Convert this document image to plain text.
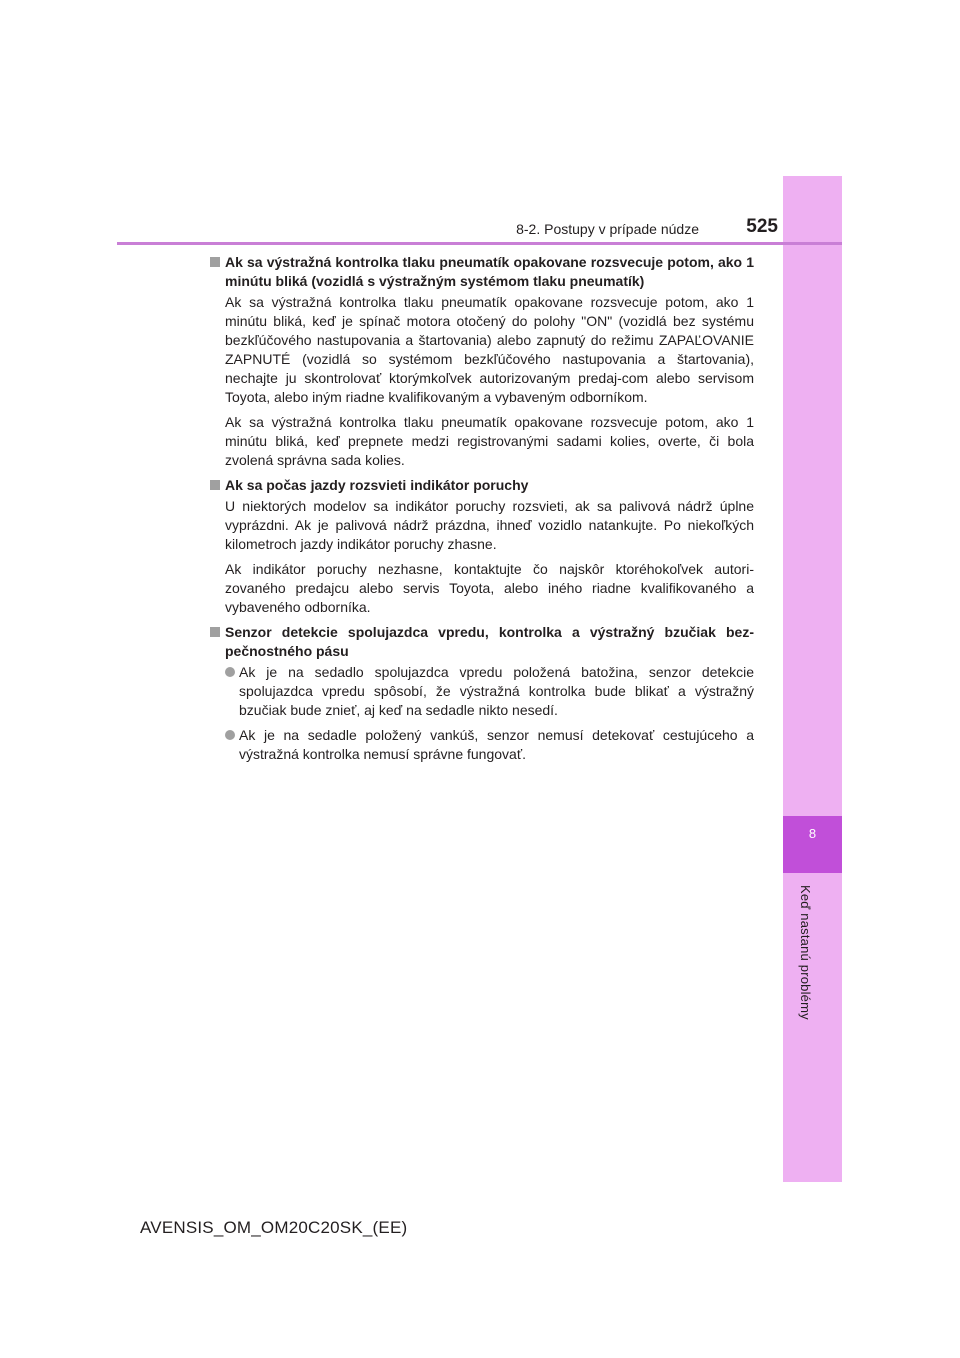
8
Keď nastanú problémy
8-2. Postupy v prípade núdze	525
Ak sa výstražná kontrolka tlaku pneumatík opakovane rozsvecuje potom, ako 1 minútu bliká (vozidlá s výstražným systémom tlaku pneumatík)
Ak sa výstražná kontrolka tlaku pneumatík opakovane rozsvecuje potom, ako 1 minútu bliká, keď je spínač motora otočený do polohy "ON" (vozidlá bez systému bezkľúčového nastupovania a štartovania) alebo zapnutý do režimu ZAPAĽOVANIE ZAPNUTÉ (vozidlá so systémom bezkľúčového nastupovania a štartovania), nechajte ju skontrolovať ktorýmkoľvek autorizovaným predaj-com alebo servisom Toyota, alebo iným riadne kvalifikovaným a vybaveným odborníkom.
Ak sa výstražná kontrolka tlaku pneumatík opakovane rozsvecuje potom, ako 1 minútu bliká, keď prepnete medzi registrovanými sadami kolies, overte, či bola zvolená správna sada kolies.
Ak sa počas jazdy rozsvieti indikátor poruchy
U niektorých modelov sa indikátor poruchy rozsvieti, ak sa palivová nádrž úplne vyprázdni. Ak je palivová nádrž prázdna, ihneď vozidlo natankujte. Po niekoľkých kilometroch jazdy indikátor poruchy zhasne.
Ak indikátor poruchy nezhasne, kontaktujte čo najskôr ktoréhokoľvek autori-zovaného predajcu alebo servis Toyota, alebo iného riadne kvalifikovaného a vybaveného odborníka.
Senzor detekcie spolujazdca vpredu, kontrolka a výstražný bzučiak bez-pečnostného pásu
Ak je na sedadlo spolujazdca vpredu položená batožina, senzor detekcie spolujazdca vpredu spôsobí, že výstražná kontrolka bude blikať a výstražný bzučiak bude znieť, aj keď na sedadle nikto nesedí.
Ak je na sedadle položený vankúš, senzor nemusí detekovať cestujúceho a výstražná kontrolka nemusí správne fungovať.
AVENSIS_OM_OM20C20SK_(EE)
